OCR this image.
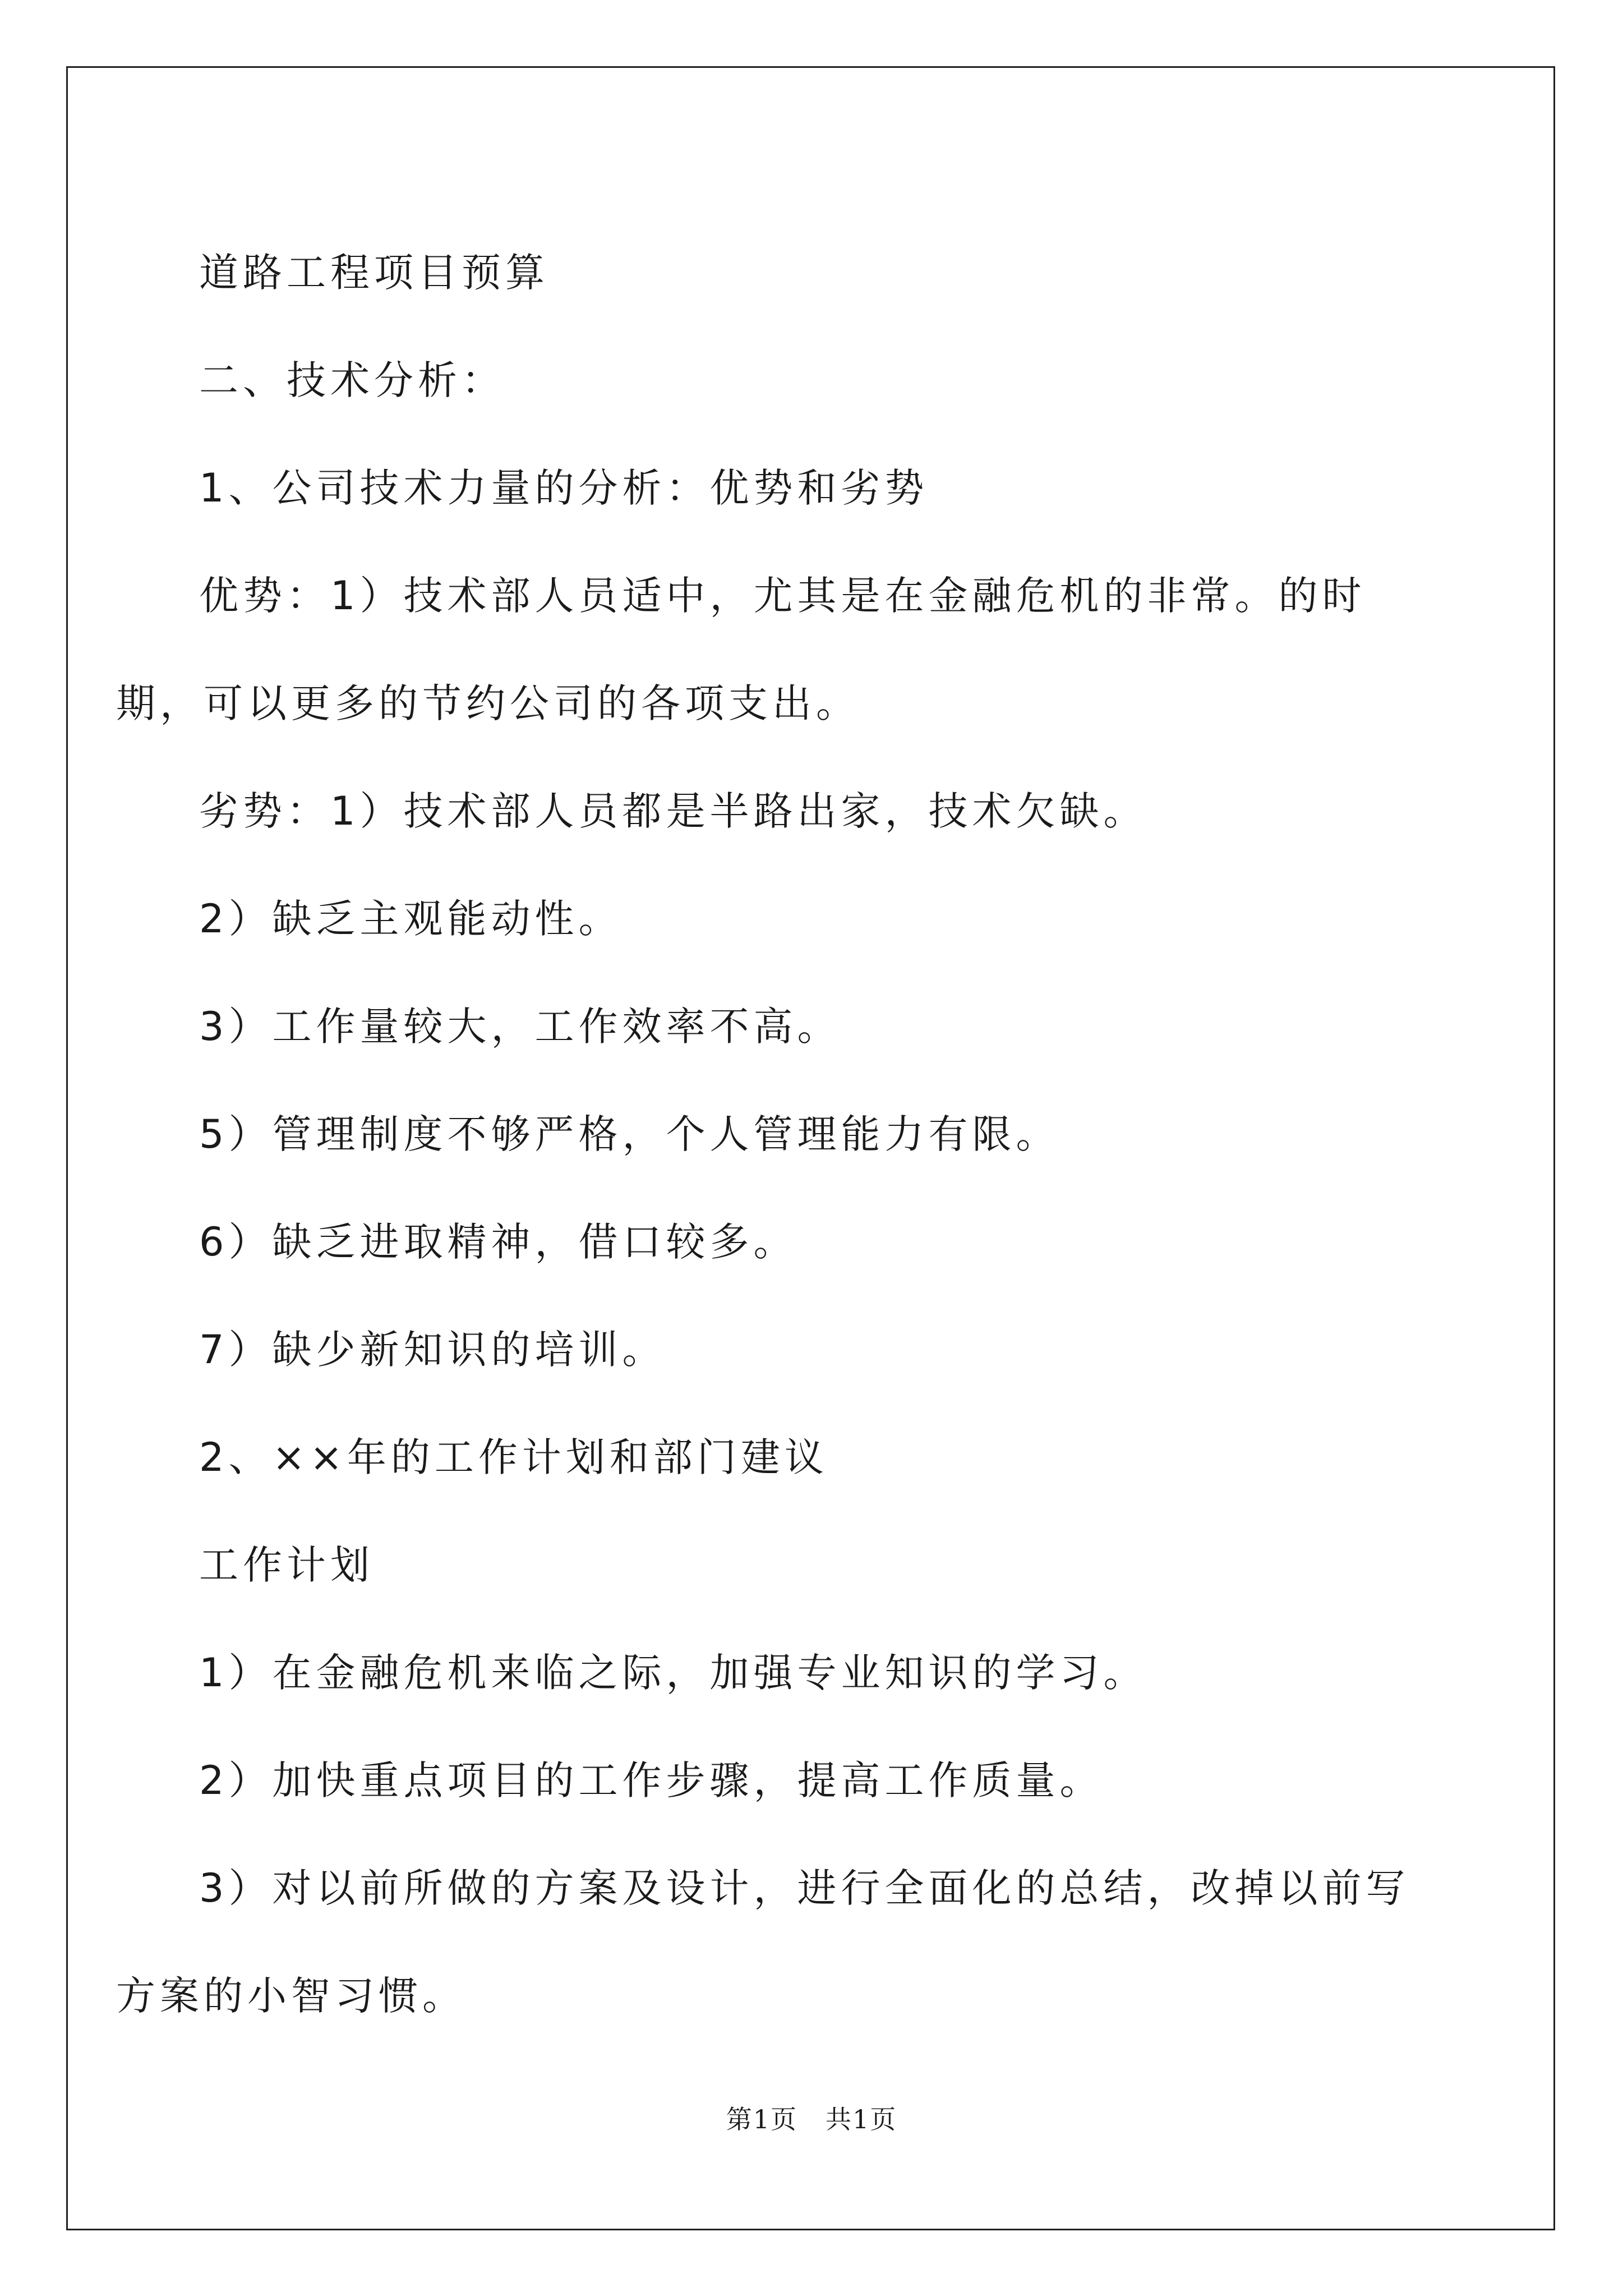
道路工程项目预算

二、技术分析：

1、公司技术力量的分析：优势和劣势

优势：1）技术部人员适中，尤其是在金融危机的非常。的时期，可以更多的节约公司的各项支出。

劣势：1）技术部人员都是半路出家，技术欠缺。

2）缺乏主观能动性。

3）工作量较大，工作效率不高。

5）管理制度不够严格，个人管理能力有限。

6）缺乏进取精神，借口较多。

7）缺少新知识的培训。

2、××年的工作计划和部门建议

工作计划

1）在金融危机来临之际，加强专业知识的学习。

2）加快重点项目的工作步骤，提高工作质量。

3）对以前所做的方案及设计，进行全面化的总结，改掉以前写方案的小智习惯。

第1页 共1页
